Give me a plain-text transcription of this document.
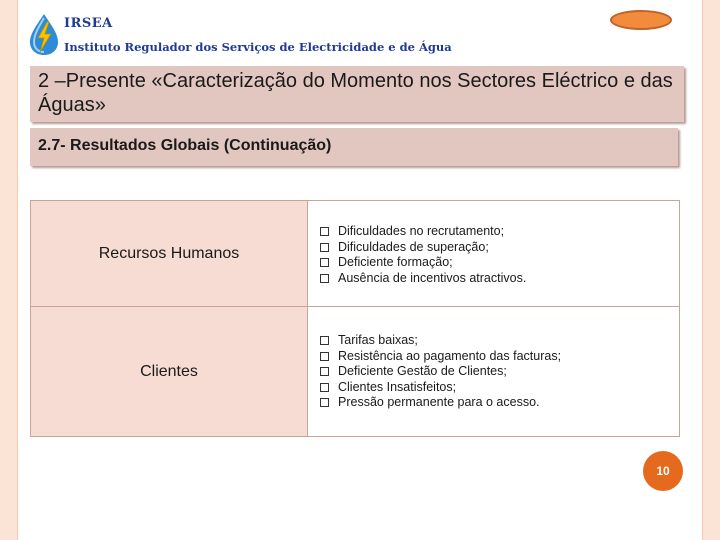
IRSEA
Instituto Regulador dos Serviços de Electricidade e de Água
2 –Presente «Caracterização do Momento nos Sectores Eléctrico e das Águas»
2.7- Resultados Globais (Continuação)
Recursos Humanos
Dificuldades no recrutamento;
Dificuldades de superação;
Deficiente formação;
Ausência de incentivos atractivos.
Clientes
Tarifas baixas;
Resistência ao pagamento das facturas;
Deficiente Gestão de Clientes;
Clientes Insatisfeitos;
Pressão permanente para o acesso.
10
